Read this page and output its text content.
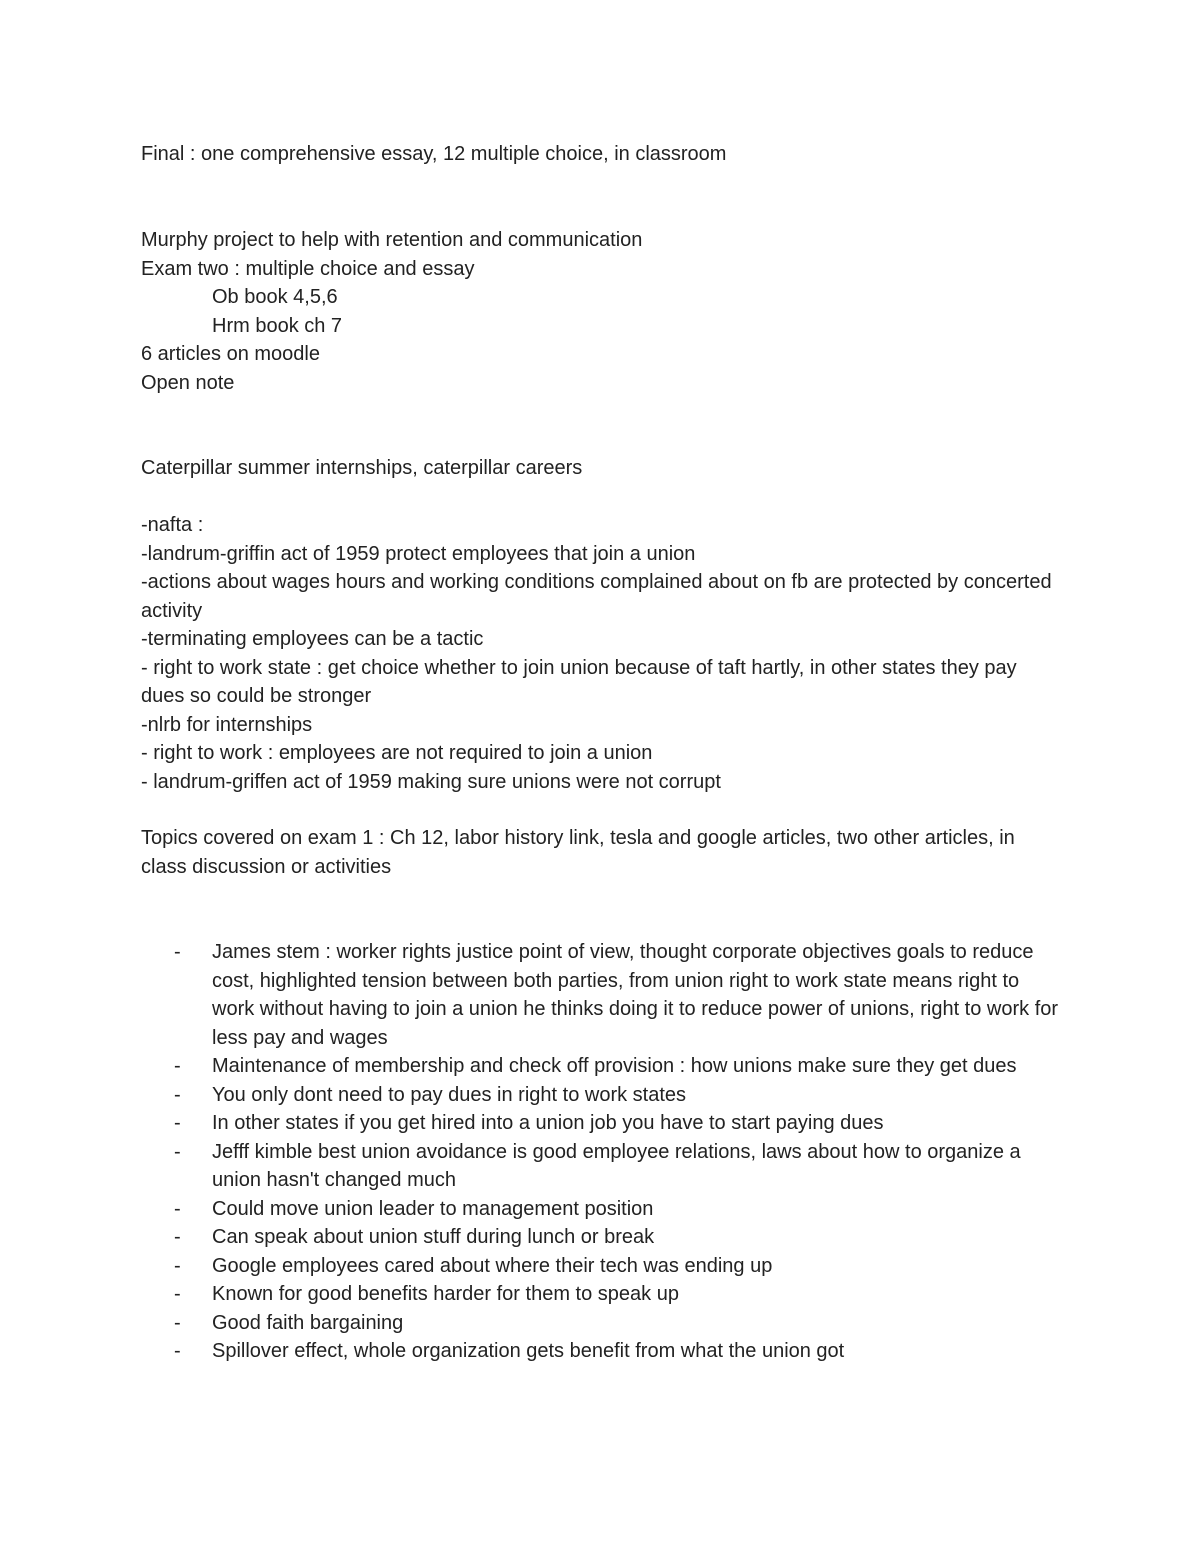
Final : one comprehensive essay, 12 multiple choice, in classroom
Murphy project to help with retention and communication
Exam two : multiple choice and essay
Ob book 4,5,6
Hrm book ch 7
6 articles on moodle
Open note
Caterpillar summer internships, caterpillar careers
-nafta :
-landrum-griffin act of 1959 protect employees that join a union
-actions about wages hours and working conditions complained about on fb are protected by concerted activity
-terminating employees can be a tactic
- right to work state : get choice whether to join union because of taft hartly, in other states they pay dues so could be stronger
-nlrb for internships
- right to work : employees are not required to join a union
- landrum-griffen act of 1959 making sure unions were not corrupt
Topics covered on exam 1 : Ch 12, labor history link, tesla and google articles, two other articles, in class discussion or activities
- James stem : worker rights justice point of view, thought corporate objectives goals to reduce cost, highlighted tension between both parties, from union right to work state means right to work without having to join a union he thinks doing it to reduce power of unions, right to work for less pay and wages
- Maintenance of membership and check off provision : how unions make sure they get dues
- You only dont need to pay dues in right to work states
- In other states if you get hired into a union job you have to start paying dues
- Jefff kimble best union avoidance is good employee relations, laws about how to organize a union hasn't changed much
- Could move union leader to management position
- Can speak about union stuff during lunch or break
- Google employees cared about where their tech was ending up
- Known for good benefits harder for them to speak up
- Good faith bargaining
- Spillover effect, whole organization gets benefit from what the union got
